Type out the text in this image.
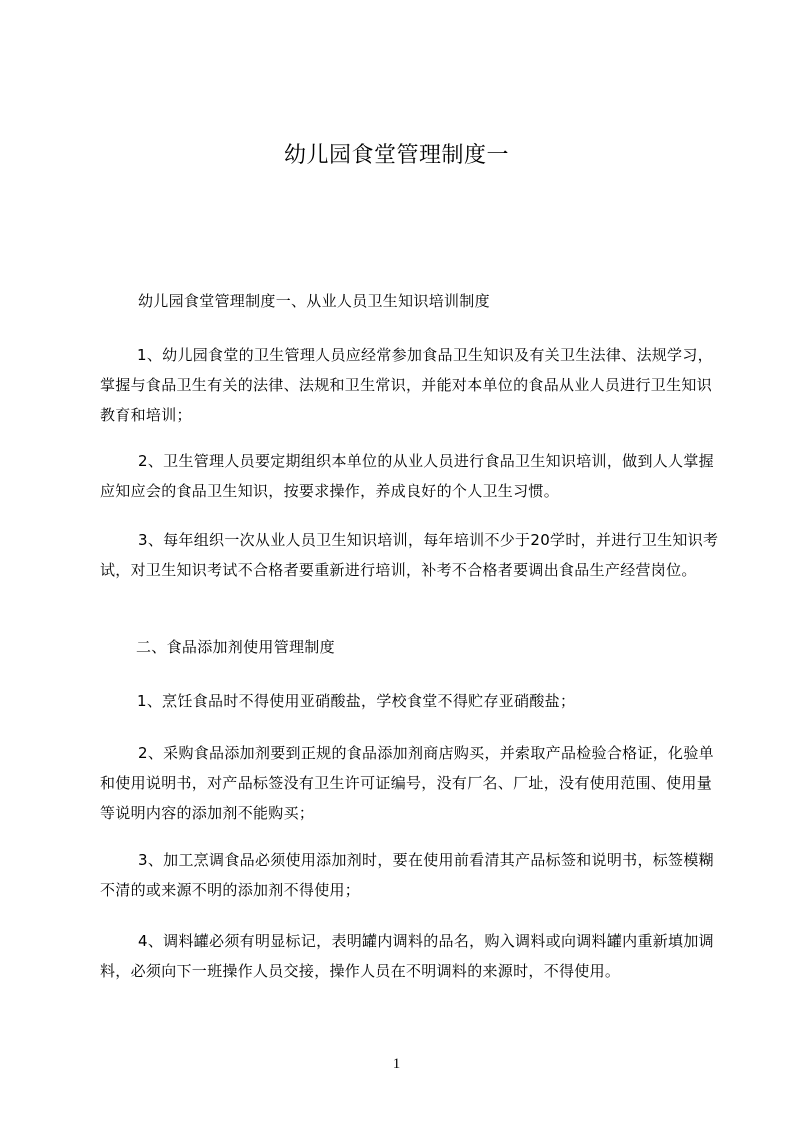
幼儿园食堂管理制度一

幼儿园食堂管理制度一、从业人员卫生知识培训制度

1、幼儿园食堂的卫生管理人员应经常参加食品卫生知识及有关卫生法律、法规学习，掌握与食品卫生有关的法律、法规和卫生常识，并能对本单位的食品从业人员进行卫生知识教育和培训；

2、卫生管理人员要定期组织本单位的从业人员进行食品卫生知识培训，做到人人掌握应知应会的食品卫生知识，按要求操作，养成良好的个人卫生习惯。

3、每年组织一次从业人员卫生知识培训，每年培训不少于20学时，并进行卫生知识考试，对卫生知识考试不合格者要重新进行培训，补考不合格者要调出食品生产经营岗位。

二、食品添加剂使用管理制度

1、烹饪食品时不得使用亚硝酸盐，学校食堂不得贮存亚硝酸盐；

2、采购食品添加剂要到正规的食品添加剂商店购买，并索取产品检验合格证，化验单和使用说明书，对产品标签没有卫生许可证编号，没有厂名、厂址，没有使用范围、使用量等说明内容的添加剂不能购买；

3、加工烹调食品必须使用添加剂时，要在使用前看清其产品标签和说明书，标签模糊不清的或来源不明的添加剂不得使用；

4、调料罐必须有明显标记，表明罐内调料的品名，购入调料或向调料罐内重新填加调料，必须向下一班操作人员交接，操作人员在不明调料的来源时，不得使用。

1
